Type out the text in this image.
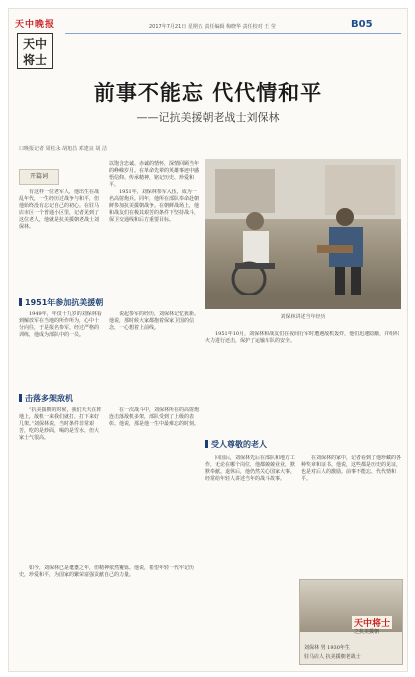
天中晚报
天中
将士
2017年7月21日 星期五 责任编辑 梅晓华 责任校对 王 莹	B05
前事不能忘 代代情和平
——记抗美援朝老战士刘保林
口晚报记者 周松永 胡旭昌 邓建良 胡 洁
开篇词
以饱含忠诚、赤诚的情怀，深情回顾当年的峥嵘岁月。在革命先辈的英雄事迹中感悟信仰、传承精神，铭记历史、珍爱和平。
刘保林讲述当年经历

有这样一位老军人，他出生在战乱年代，一生经历过战争与和平，但他始终没有忘记自己的初心。在驻马店市区一个普通小区里，记者见到了这位老人，他就是抗美援朝老战士刘保林。

1951年，刘保林参军入伍，成为一名高射炮兵。同年，他所在部队奉命赴朝鲜参加抗美援朝战争。在朝鲜战场上，他和战友们在极其艰苦的条件下坚持战斗，保卫交通线和后方重要目标。

1951年参加抗美援朝

1949年，年仅十九岁的刘保林看到解放军在当地的所作所为，心中十分向往，于是报名参军。经过严格的训练，他成为部队中的一员。

说起参军的经历，刘保林记忆犹新。他说，那时候大家都抱着保家卫国的信念，一心想着上前线。

击落多架敌机

“抗美援朝的时候，我们天天在阵地上，敌机一来我们就打，打下来好几架。”刘保林说，当时条件非常艰苦，吃的是炒面，喝的是雪水，但大家士气很高。

在一次战斗中，刘保林所在的高射炮连击落敌机多架，部队受到了上级的表彰。他说，那是他一生中最难忘的时刻。

1951年10月，刘保林和战友们在夜间行军时遭遇敌机轰炸，他们迅速隐蔽，并组织火力进行还击，保护了运输车队的安全。

受人尊敬的老人

回国后，刘保林先后在部队和地方工作，无论在哪个岗位，他都兢兢业业，默默奉献。退休后，他仍然关心国家大事，经常给年轻人讲述当年的战斗故事。

在刘保林的家中，记者看到了他珍藏的各种奖章和证书。他说，这些都是历史的见证，也是对后人的激励。前事不能忘，代代情和平。

如今，刘保林已是耄耋之年，但精神依然矍铄。他说，希望年轻一代牢记历史，珍爱和平，为国家的繁荣富强贡献自己的力量。

天中将士
之抗美援朝
刘保林 男 1930年生
驻马店人 抗美援朝老战士
